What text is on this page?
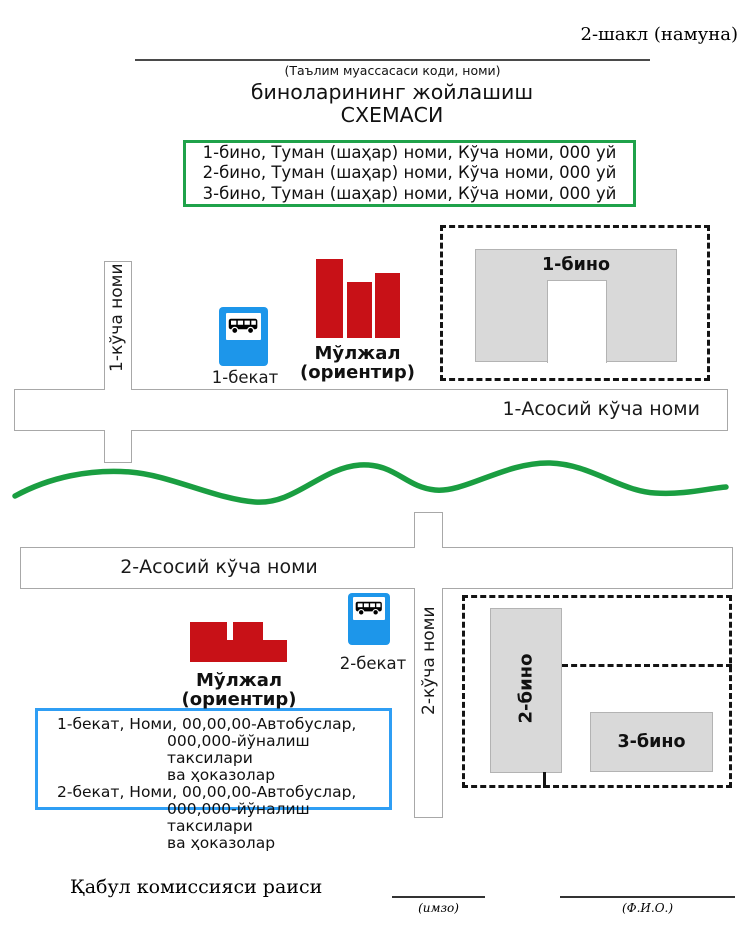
2-шакл (намуна)
(Таълим муассасаси коди, номи)
биноларининг жойлашиш
СХЕМАСИ
1-бино, Туман (шаҳар) номи, Кўча номи, 000 уй
2-бино, Туман (шаҳар) номи, Кўча номи, 000 уй
3-бино, Туман (шаҳар) номи, Кўча номи, 000 уй
1-Асосий кўча номи
2-Асосий кўча номи
1-кўча номи
2-кўча номи
1-бекат
Мўлжал
(ориентир)
1-бино
Мўлжал
(ориентир)
2-бекат	2-бино
3-бино
1-бекат, Номи, 00,00,00-Автобуслар,
000,000-йўналиш таксилари
ва ҳоказолар
2-бекат, Номи, 00,00,00-Автобуслар,
000,000-йўналиш таксилари
ва ҳоказолар
Қабул комиссияси раиси
(имзо)	(Ф.И.О.)
